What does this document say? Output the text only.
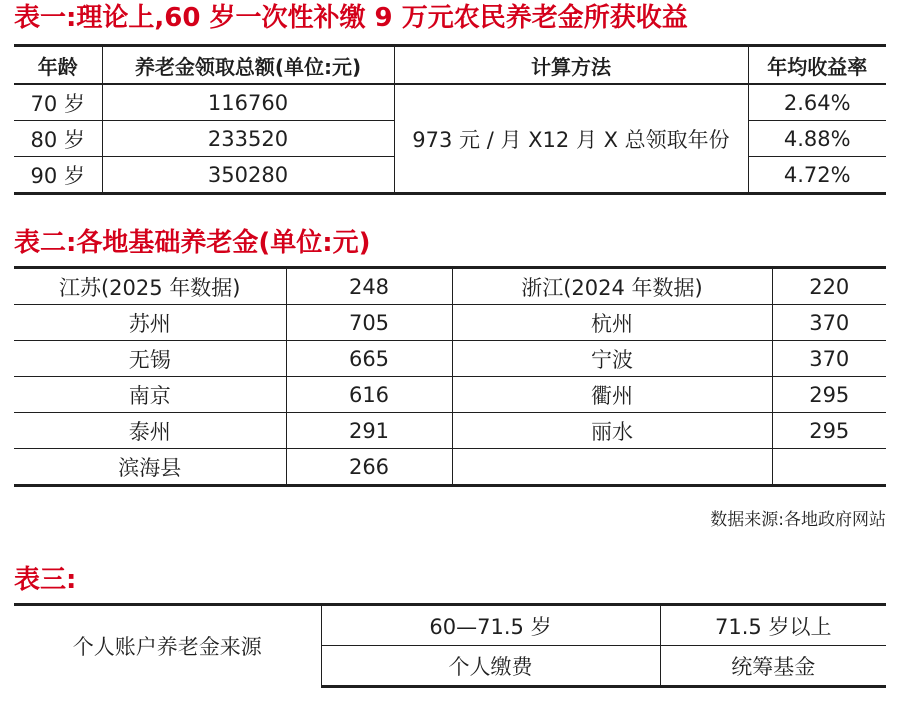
表一:理论上,60 岁一次性补缴 9 万元农民养老金所获收益
年龄	养老金领取总额(单位:元)	计算方法	年均收益率
70 岁	116760	973 元 / 月 X12 月 X 总领取年份	2.64%
80 岁	233520		4.88%
90 岁	350280		4.72%
表二:各地基础养老金(单位:元)
江苏(2025 年数据)	248	浙江(2024 年数据)	220
苏州	705	杭州	370
无锡	665	宁波	370
南京	616	衢州	295
泰州	291	丽水	295
滨海县	266		
数据来源:各地政府网站
表三:
个人账户养老金来源	60—71.5 岁	71.5 岁以上
	个人缴费	统筹基金
